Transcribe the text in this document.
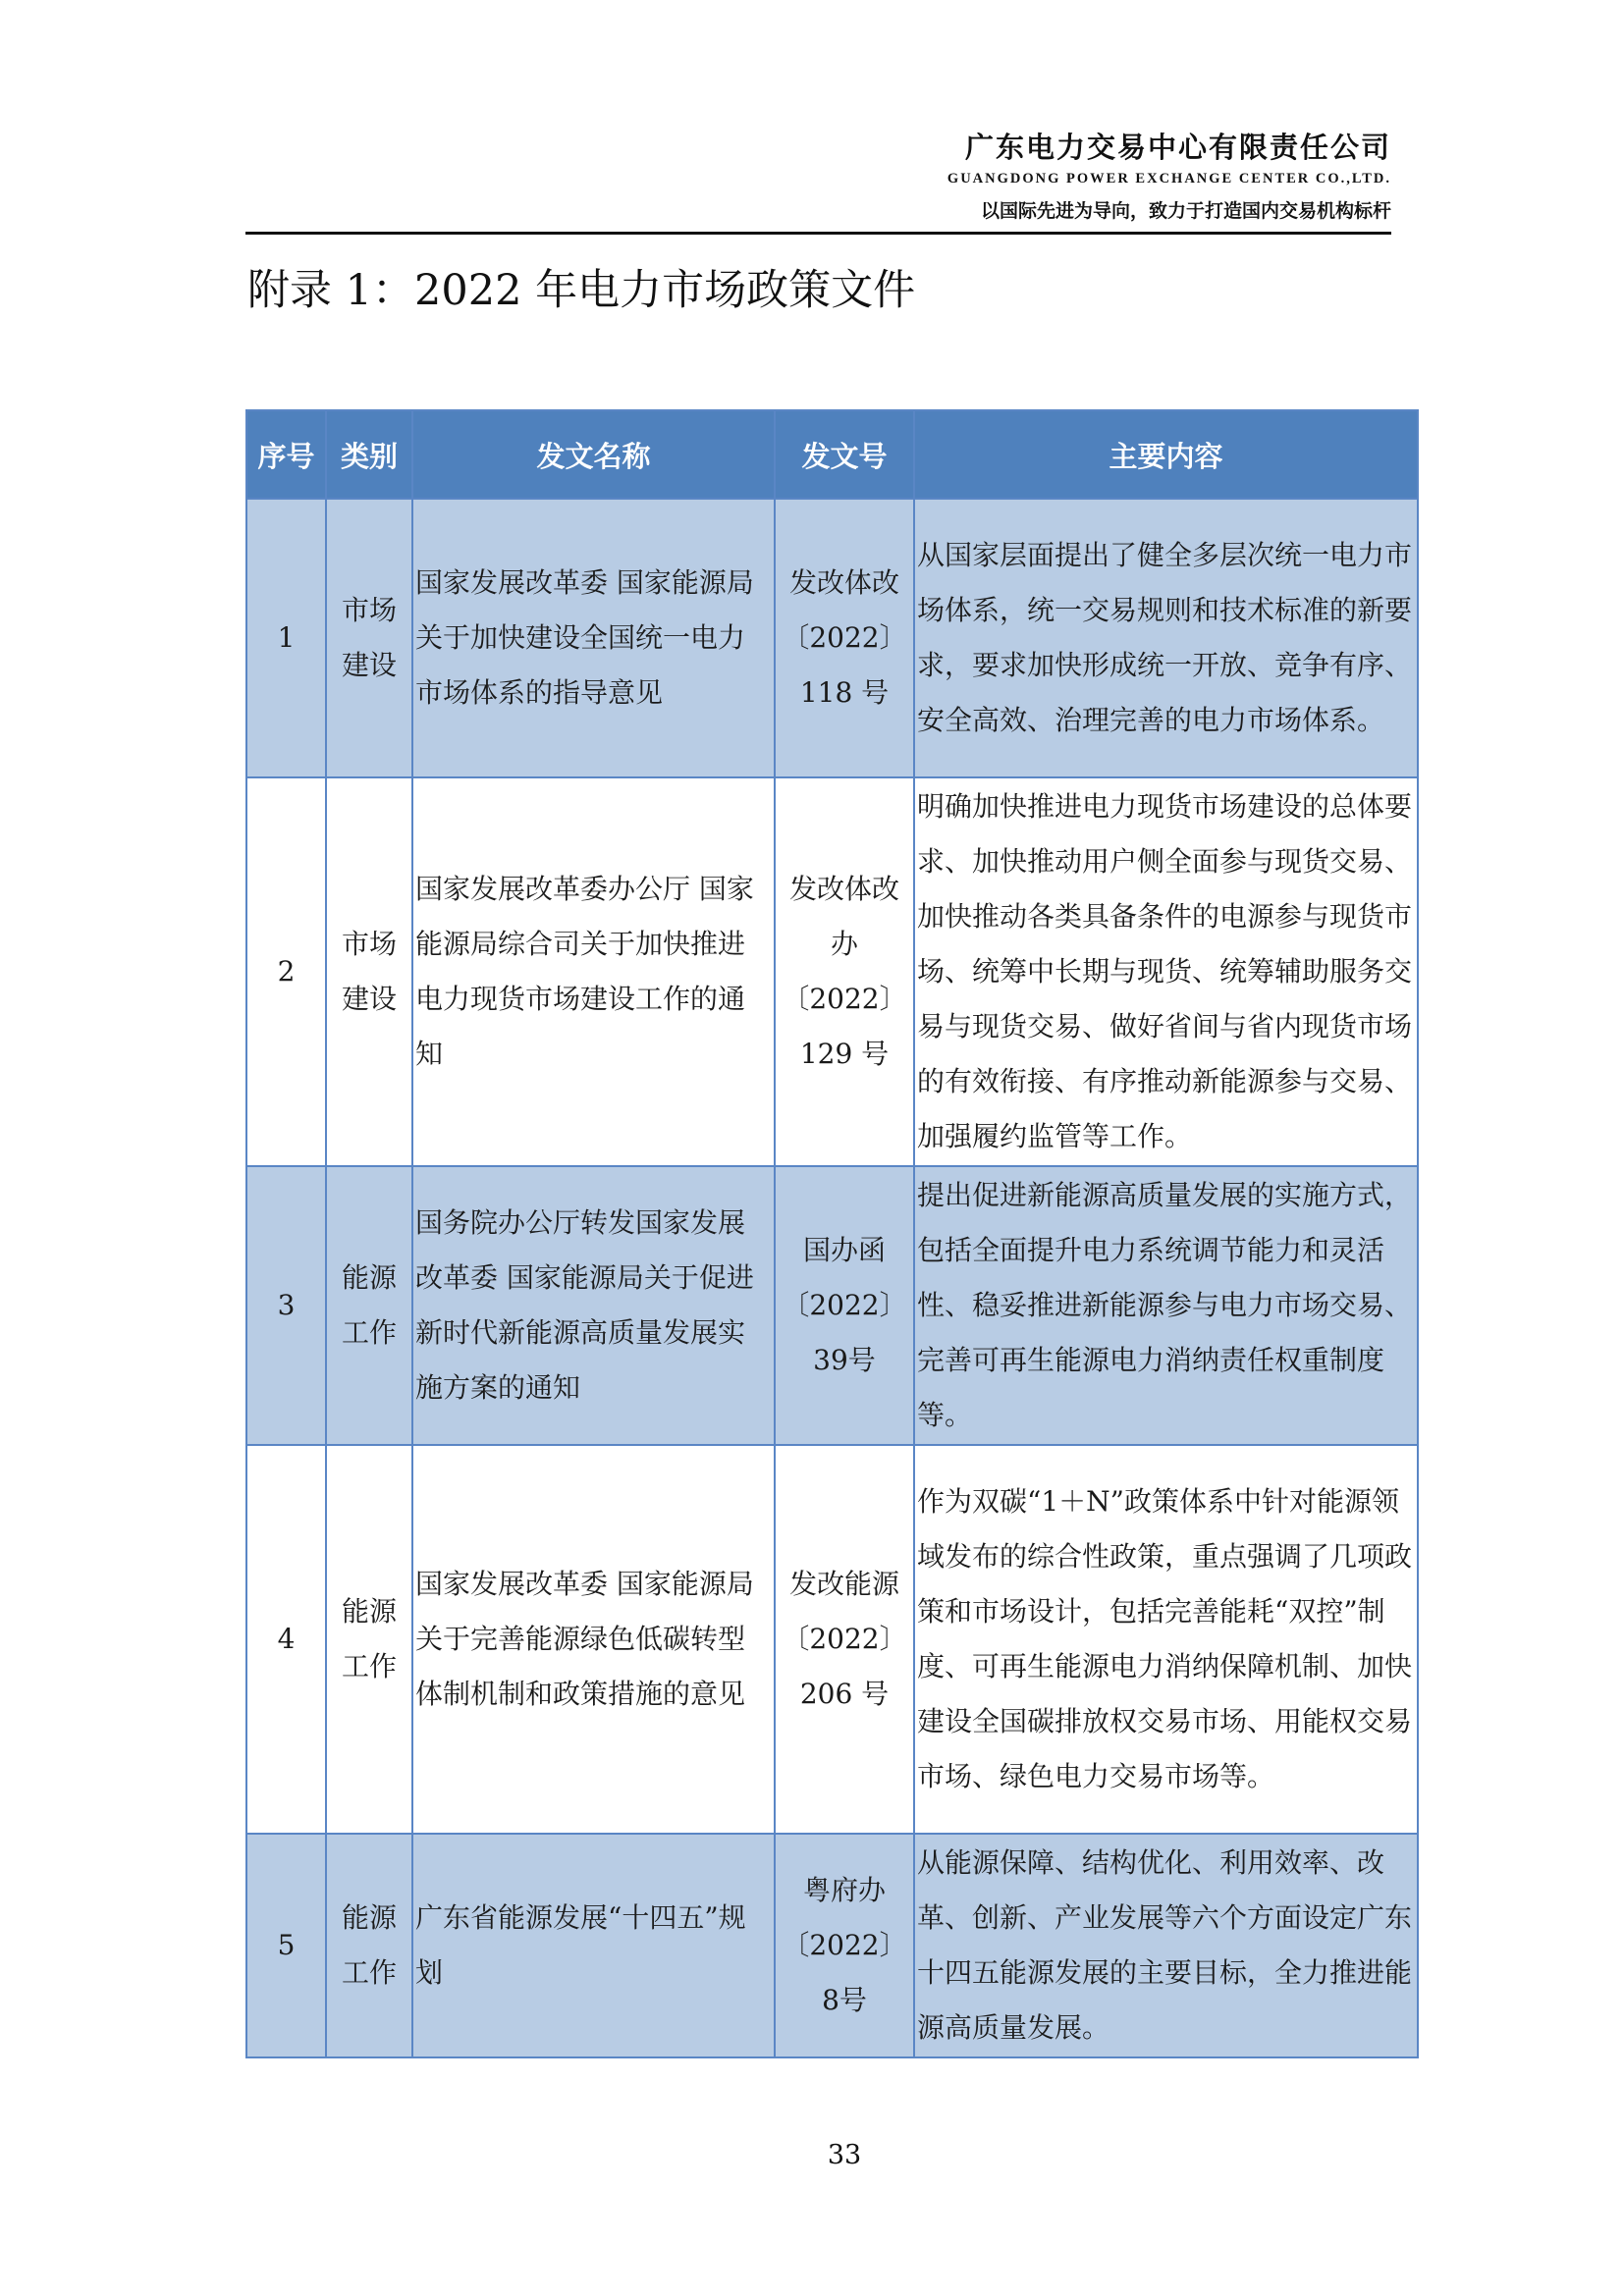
广东电力交易中心有限责任公司
GUANGDONG POWER EXCHANGE CENTER CO.,LTD.
以国际先进为导向，致力于打造国内交易机构标杆
附录 1：2022 年电力市场政策文件
序号	类别	发文名称	发文号	主要内容
1	市场建设	国家发展改革委 国家能源局关于加快建设全国统一电力市场体系的指导意见	发改体改〔2022〕118 号	从国家层面提出了健全多层次统一电力市场体系，统一交易规则和技术标准的新要求，要求加快形成统一开放、竞争有序、安全高效、治理完善的电力市场体系。
2	市场建设	国家发展改革委办公厅 国家能源局综合司关于加快推进电力现货市场建设工作的通知	发改体改办〔2022〕129 号	明确加快推进电力现货市场建设的总体要求、加快推动用户侧全面参与现货交易、加快推动各类具备条件的电源参与现货市场、统筹中长期与现货、统筹辅助服务交易与现货交易、做好省间与省内现货市场的有效衔接、有序推动新能源参与交易、加强履约监管等工作。
3	能源工作	国务院办公厅转发国家发展改革委 国家能源局关于促进新时代新能源高质量发展实施方案的通知	国办函〔2022〕39号	提出促进新能源高质量发展的实施方式，包括全面提升电力系统调节能力和灵活性、稳妥推进新能源参与电力市场交易、完善可再生能源电力消纳责任权重制度等。
4	能源工作	国家发展改革委 国家能源局关于完善能源绿色低碳转型体制机制和政策措施的意见	发改能源〔2022〕206 号	作为双碳“1＋N”政策体系中针对能源领域发布的综合性政策，重点强调了几项政策和市场设计，包括完善能耗“双控”制度、可再生能源电力消纳保障机制、加快建设全国碳排放权交易市场、用能权交易市场、绿色电力交易市场等。
5	能源工作	广东省能源发展“十四五”规划	粤府办〔2022〕8号	从能源保障、结构优化、利用效率、改革、创新、产业发展等六个方面设定广东十四五能源发展的主要目标，全力推进能源高质量发展。
33
